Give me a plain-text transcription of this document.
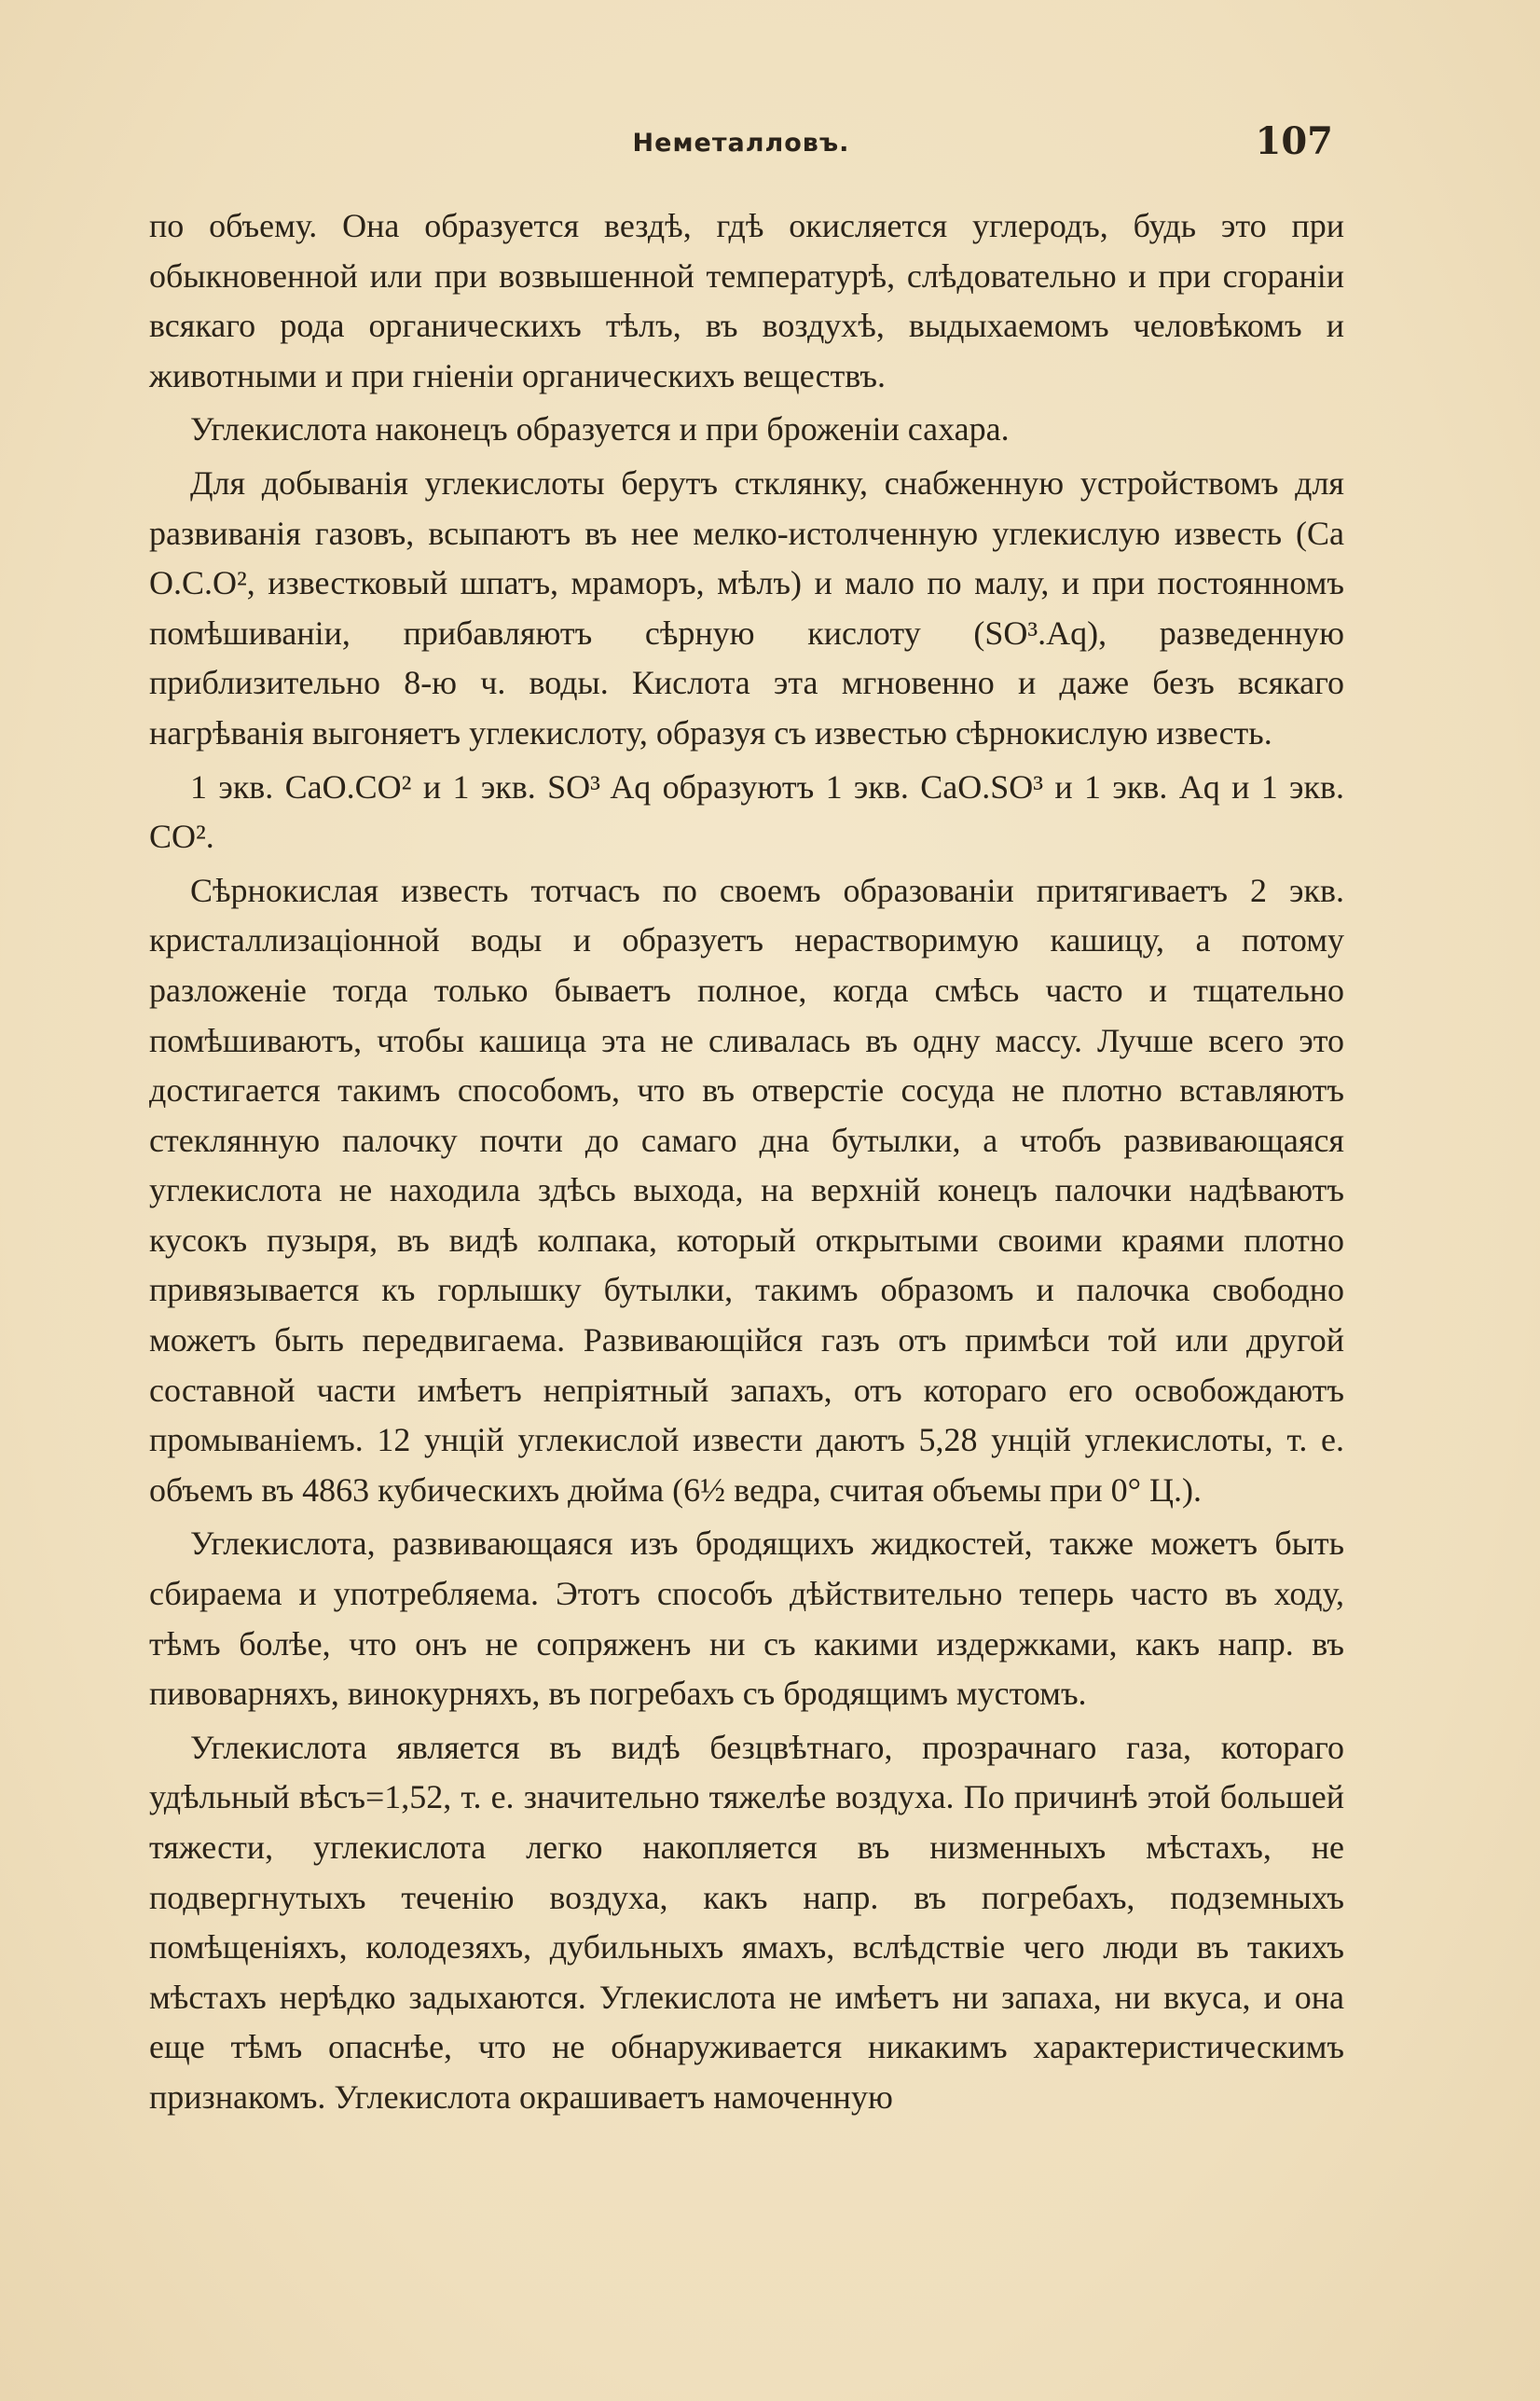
Неметалловъ.	107

по объему. Она образуется вездѣ, гдѣ окисляется углеродъ, будь это при обыкновенной или при возвышенной температурѣ, слѣдовательно и при сгораніи всякаго рода органическихъ тѣлъ, въ воздухѣ, выдыхаемомъ человѣкомъ и животными и при гніеніи органическихъ веществъ.

Углекислота наконецъ образуется и при броженіи сахара.

Для добыванія углекислоты берутъ стклянку, снабженную устройствомъ для развиванія газовъ, всыпаютъ въ нее мелко-истолченную углекислую известь (Ca O.C.O², известковый шпатъ, мраморъ, мѣлъ) и мало по малу, и при постоянномъ помѣшиваніи, прибавляютъ сѣрную кислоту (SO³.Aq), разведенную приблизительно 8-ю ч. воды. Кислота эта мгновенно и даже безъ всякаго нагрѣванія выгоняетъ углекислоту, образуя съ известью сѣрнокислую известь.

1 экв. CaO.CO² и 1 экв. SO³ Aq образуютъ 1 экв. CaO.SO³ и 1 экв. Aq и 1 экв. CO².

Сѣрнокислая известь тотчасъ по своемъ образованіи притягиваетъ 2 экв. кристаллизаціонной воды и образуетъ нерастворимую кашицу, а потому разложеніе тогда только бываетъ полное, когда смѣсь часто и тщательно помѣшиваютъ, чтобы кашица эта не сливалась въ одну массу. Лучше всего это достигается такимъ способомъ, что въ отверстіе сосуда не плотно вставляютъ стеклянную палочку почти до самаго дна бутылки, а чтобъ развивающаяся углекислота не находила здѣсь выхода, на верхній конецъ палочки надѣваютъ кусокъ пузыря, въ видѣ колпака, который открытыми своими краями плотно привязывается къ горлышку бутылки, такимъ образомъ и палочка свободно можетъ быть передвигаема. Развивающійся газъ отъ примѣси той или другой составной части имѣетъ непріятный запахъ, отъ котораго его освобождаютъ промываніемъ. 12 унцій углекислой извести даютъ 5,28 унцій углекислоты, т. е. объемъ въ 4863 кубическихъ дюйма (6½ ведра, считая объемы при 0° Ц.).

Углекислота, развивающаяся изъ бродящихъ жидкостей, также можетъ быть сбираема и употребляема. Этотъ способъ дѣйствительно теперь часто въ ходу, тѣмъ болѣе, что онъ не сопряженъ ни съ какими издержками, какъ напр. въ пивоварняхъ, винокурняхъ, въ погребахъ съ бродящимъ мустомъ.

Углекислота является въ видѣ безцвѣтнаго, прозрачнаго газа, котораго удѣльный вѣсъ=1,52, т. е. значительно тяжелѣе воздуха. По причинѣ этой большей тяжести, углекислота легко накопляется въ низменныхъ мѣстахъ, не подвергнутыхъ теченію воздуха, какъ напр. въ погребахъ, подземныхъ помѣщеніяхъ, колодезяхъ, дубильныхъ ямахъ, вслѣдствіе чего люди въ такихъ мѣстахъ нерѣдко задыхаются. Углекислота не имѣетъ ни запаха, ни вкуса, и она еще тѣмъ опаснѣе, что не обнаруживается никакимъ характеристическимъ признакомъ. Углекислота окрашиваетъ намоченную
